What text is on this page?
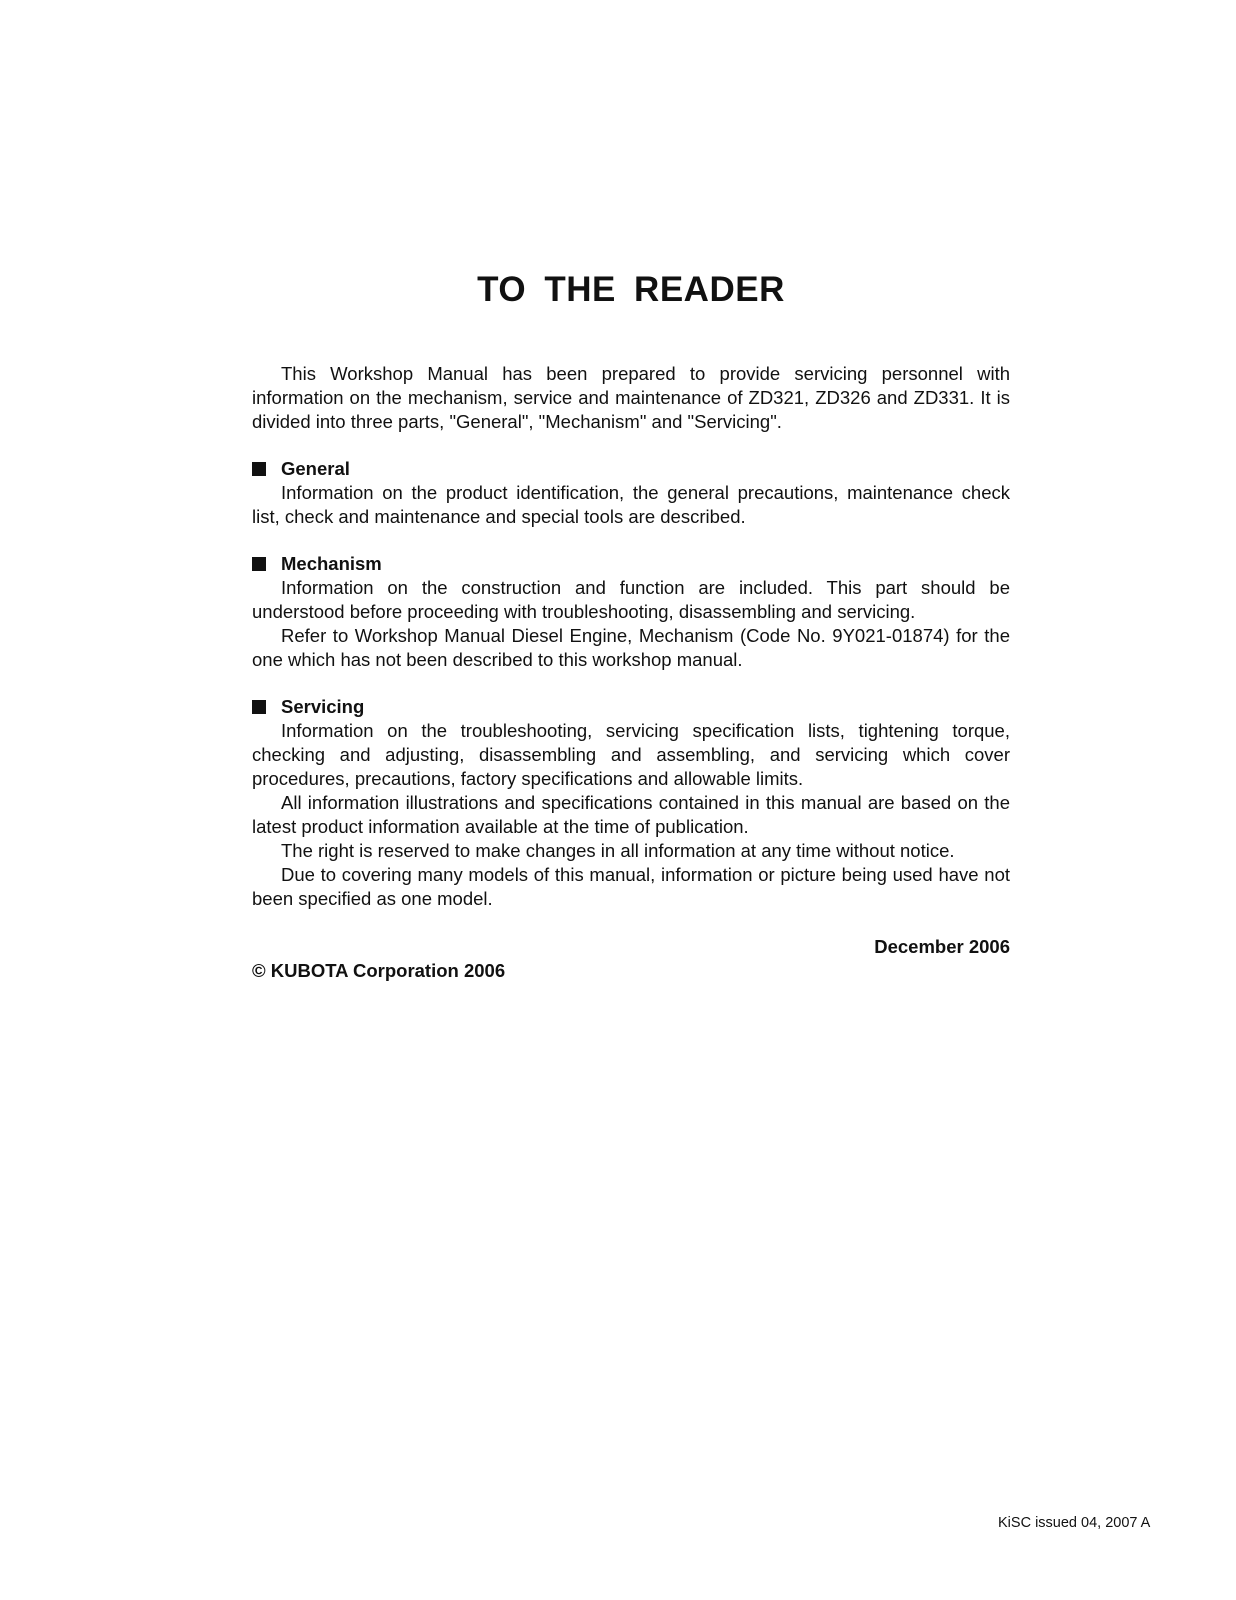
TO THE READER

This Workshop Manual has been prepared to provide servicing personnel with information on the mechanism, service and maintenance of ZD321, ZD326 and ZD331. It is divided into three parts, "General", "Mechanism" and "Servicing".

General

Information on the product identification, the general precautions, maintenance check list, check and maintenance and special tools are described.

Mechanism

Information on the construction and function are included. This part should be understood before proceeding with troubleshooting, disassembling and servicing.

Refer to Workshop Manual Diesel Engine, Mechanism (Code No. 9Y021-01874) for the one which has not been described to this workshop manual.

Servicing

Information on the troubleshooting, servicing specification lists, tightening torque, checking and adjusting, disassembling and assembling, and servicing which cover procedures, precautions, factory specifications and allowable limits.

All information illustrations and specifications contained in this manual are based on the latest product information available at the time of publication.

The right is reserved to make changes in all information at any time without notice.

Due to covering many models of this manual, information or picture being used have not been specified as one model.

December 2006
© KUBOTA Corporation 2006
KiSC issued 04, 2007 A
